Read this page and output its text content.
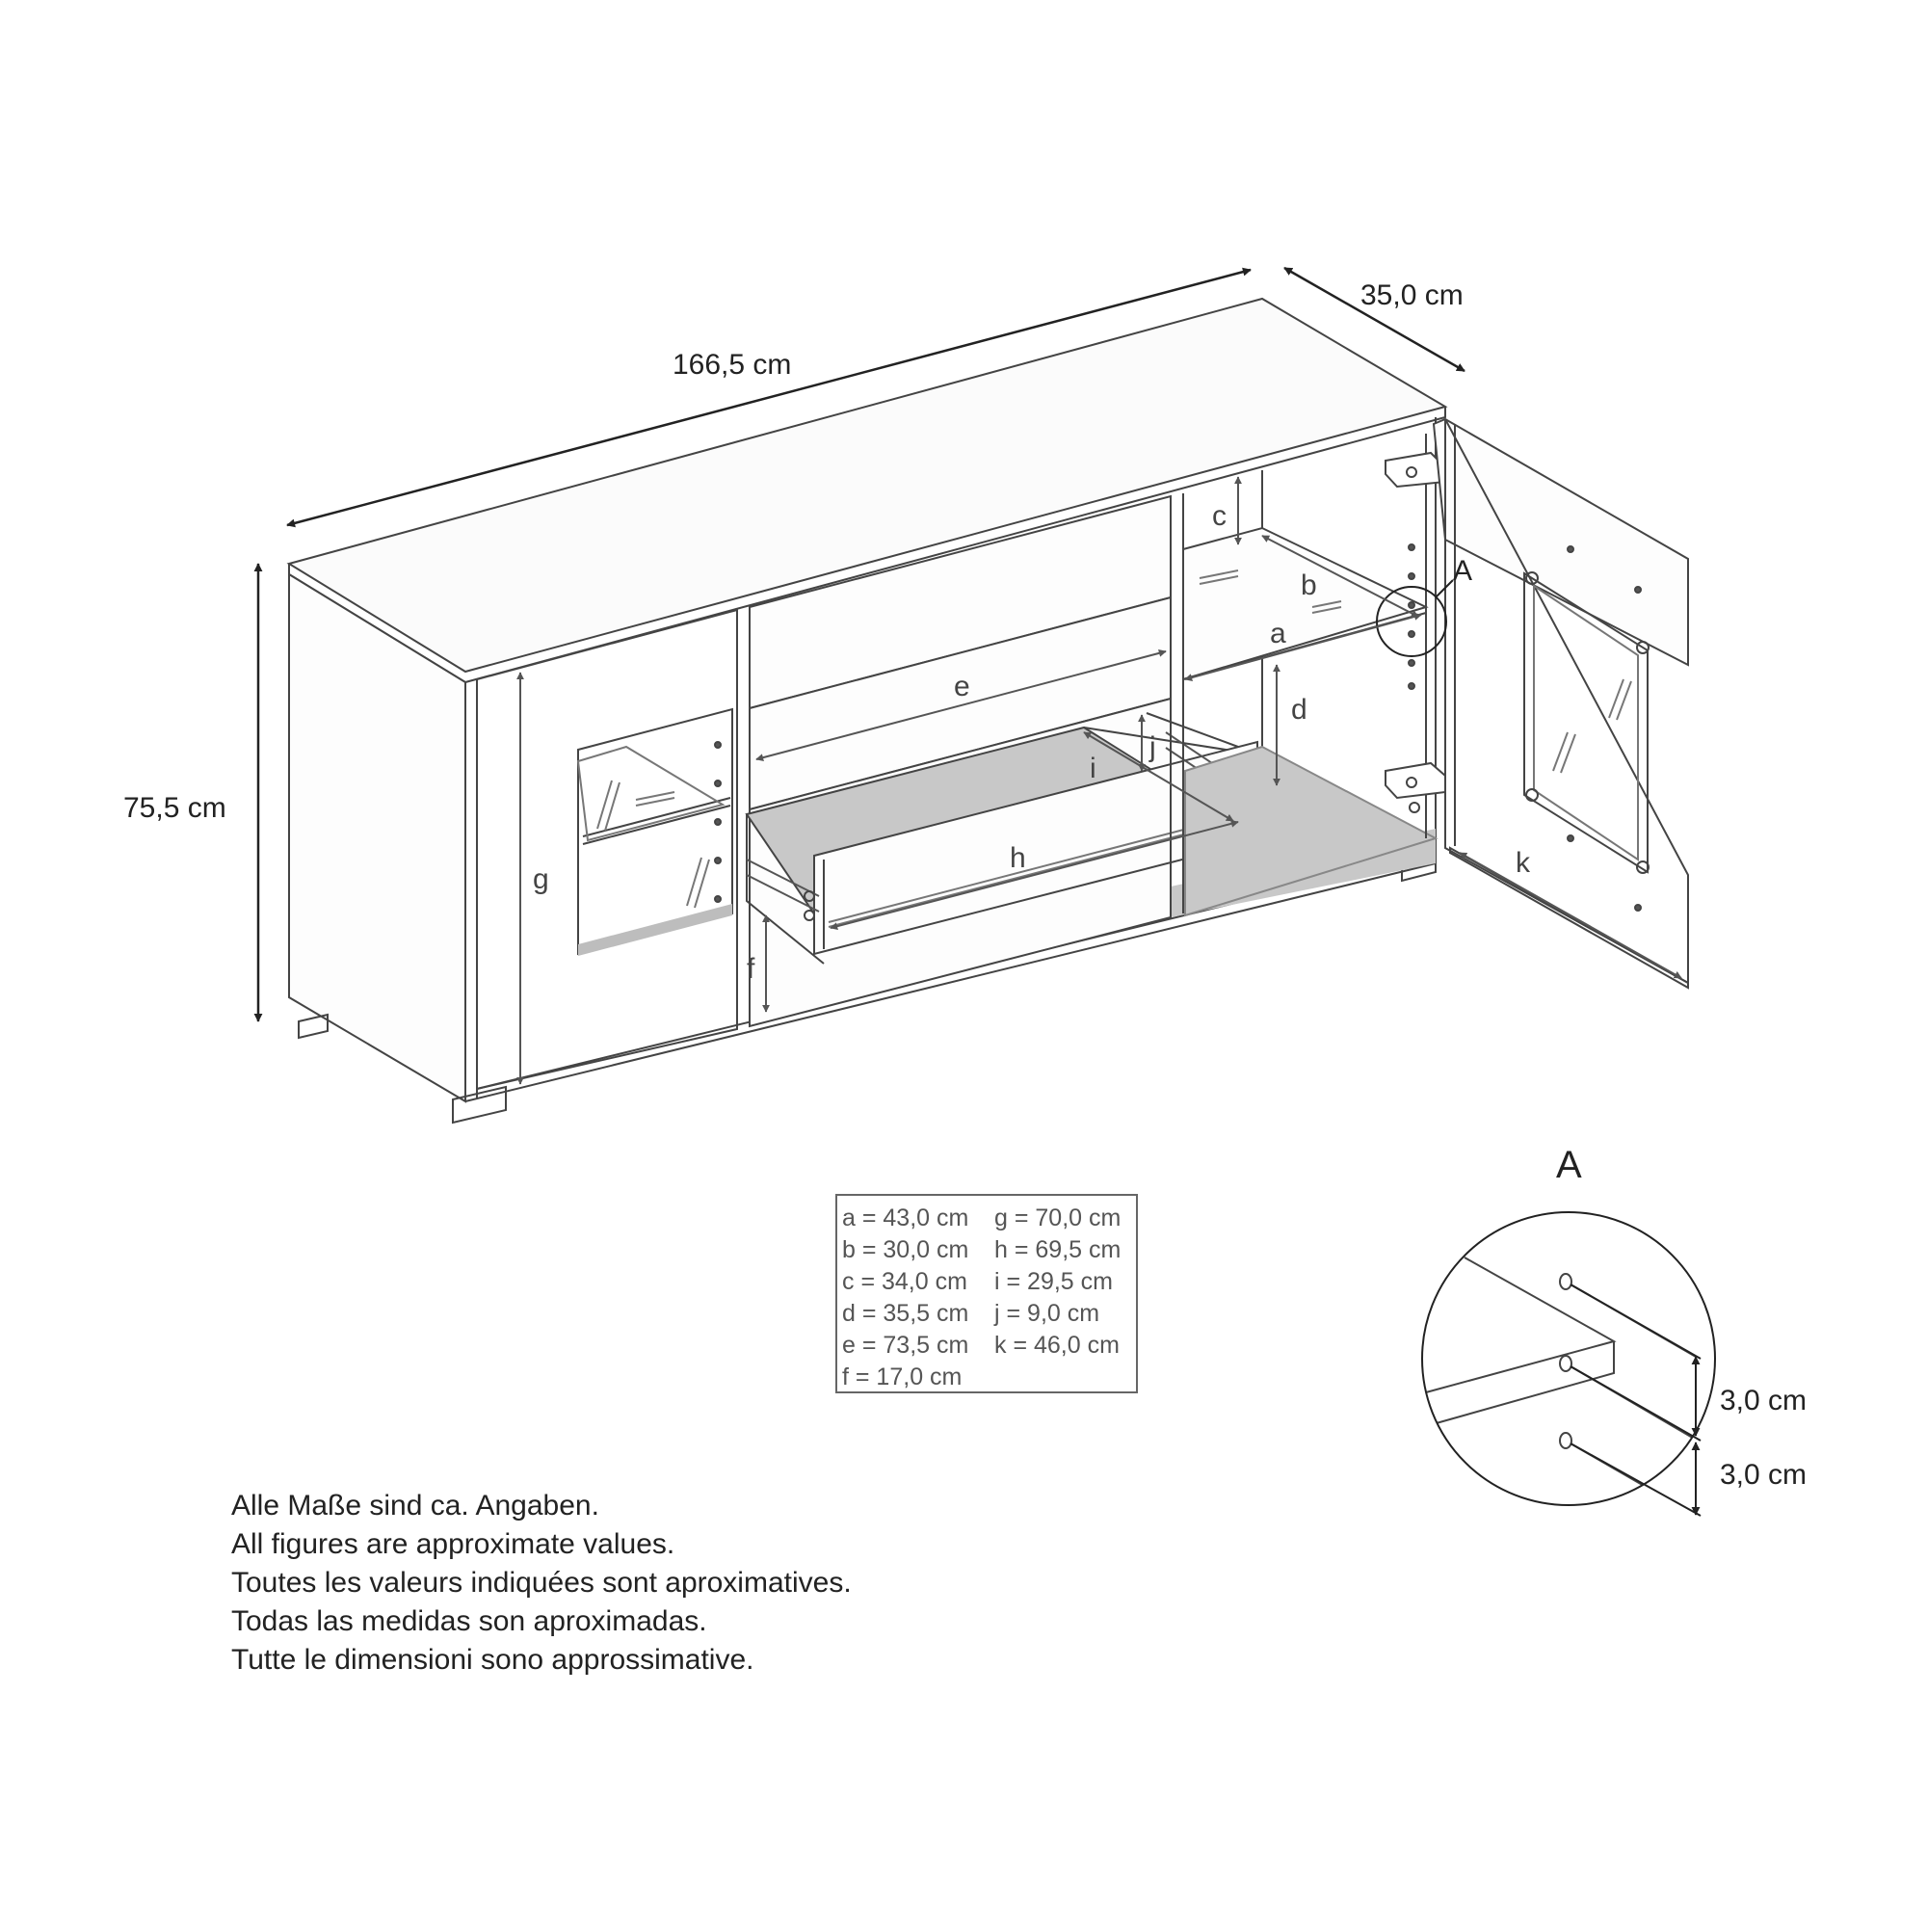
166,5 cm
35,0 cm
75,5 cm
A
a
b
c
d
e
f
g
h
i
j
k
a = 43,0 cm
b = 30,0 cm
c = 34,0 cm
d = 35,5 cm
e = 73,5 cm
f = 17,0 cm
g = 70,0 cm
h = 69,5 cm
i = 29,5 cm
j = 9,0 cm
k = 46,0 cm
Alle Maße sind ca. Angaben.
All figures are approximate values.
Toutes les valeurs indiquées sont aproximatives.
Todas las medidas son aproximadas.
Tutte le dimensioni sono approssimative.
A
3,0 cm
3,0 cm
